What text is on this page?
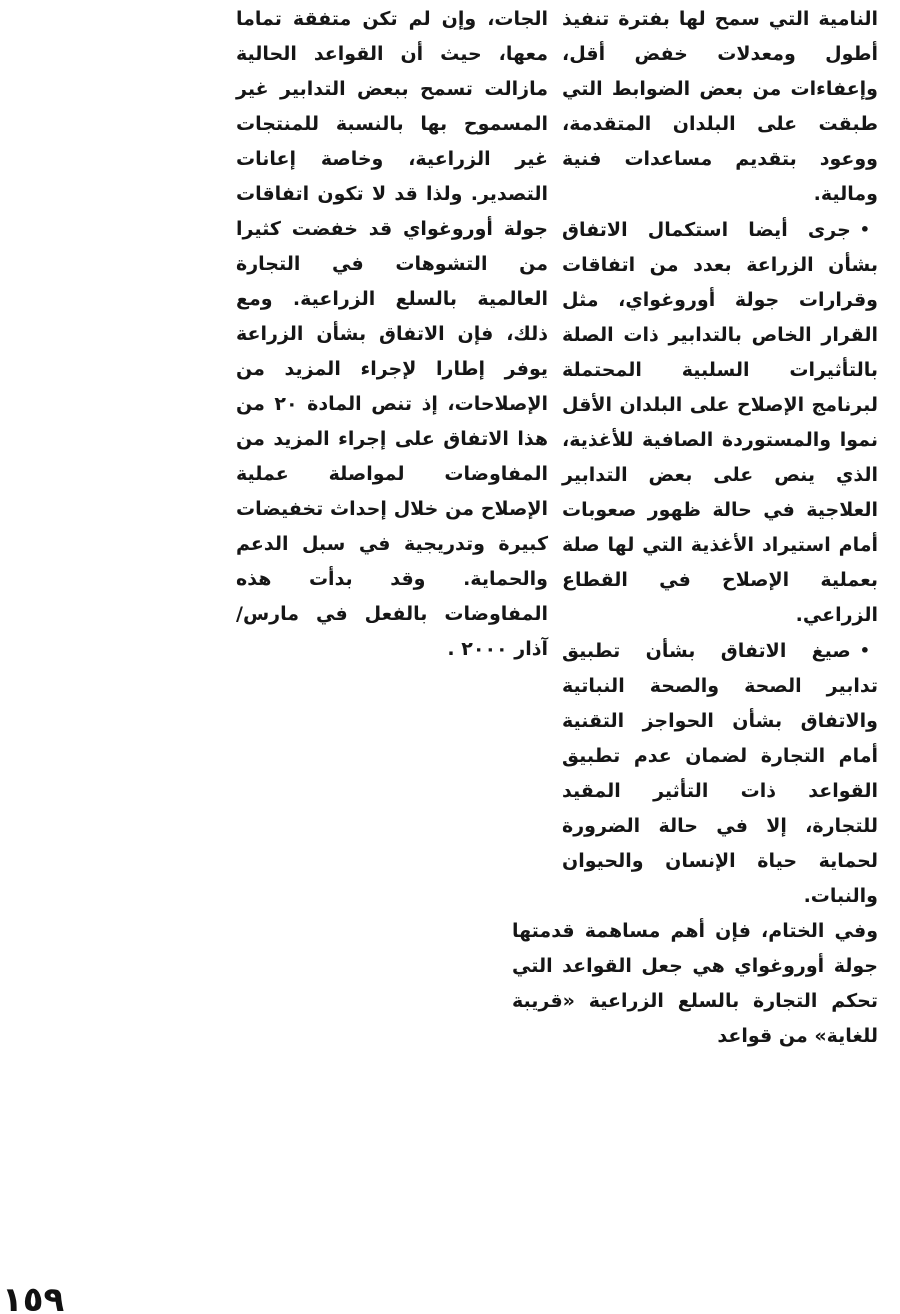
النامية التي سمح لها بفترة تنفيذ أطول ومعدلات خفض أقل، وإعفاءات من بعض الضوابط التي طبقت على البلدان المتقدمة، ووعود بتقديم مساعدات فنية ومالية.

•جرى أيضا استكمال الاتفاق بشأن الزراعة بعدد من اتفاقات وقرارات جولة أوروغواي، مثل القرار الخاص بالتدابير ذات الصلة بالتأثيرات السلبية المحتملة لبرنامج الإصلاح على البلدان الأقل نموا والمستوردة الصافية للأغذية، الذي ينص على بعض التدابير العلاجية في حالة ظهور صعوبات أمام استيراد الأغذية التي لها صلة بعملية الإصلاح في القطاع الزراعي.

•صيغ الاتفاق بشأن تطبيق تدابير الصحة والصحة النباتية والاتفاق بشأن الحواجز التقنية أمام التجارة لضمان عدم تطبيق القواعد ذات التأثير المقيد للتجارة، إلا في حالة الضرورة لحماية حياة الإنسان والحيوان والنبات.

وفي الختام، فإن أهم مساهمة قدمتها جولة أوروغواي هي جعل القواعد التي تحكم التجارة بالسلع الزراعية «قريبة للغاية» من قواعد

الجات، وإن لم تكن متفقة تماما معها، حيث أن القواعد الحالية مازالت تسمح ببعض التدابير غير المسموح بها بالنسبة للمنتجات غير الزراعية، وخاصة إعانات التصدير. ولذا قد لا تكون اتفاقات جولة أوروغواي قد خفضت كثيرا من التشوهات في التجارة العالمية بالسلع الزراعية. ومع ذلك، فإن الاتفاق بشأن الزراعة يوفر إطارا لإجراء المزيد من الإصلاحات، إذ تنص المادة ٢٠ من هذا الاتفاق على إجراء المزيد من المفاوضات لمواصلة عملية الإصلاح من خلال إحداث تخفيضات كبيرة وتدريجية في سبل الدعم والحماية. وقد بدأت هذه المفاوضات بالفعل في مارس/ آذار ٢٠٠٠ .

١٥٩
